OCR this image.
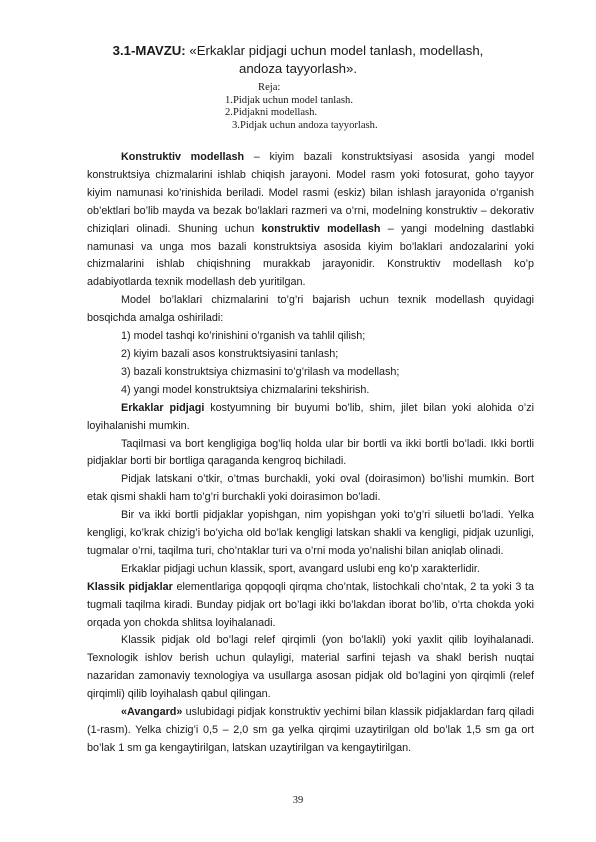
3.1-MAVZU: «Erkaklar pidjagi uchun model tanlash, modellash,
andoza tayyorlash».
Reja:
1.Pidjak uchun model tanlash.
2.Pidjakni modellash.
3.Pidjak uchun andoza tayyorlash.

Konstruktiv modellash – kiyim bazali konstruktsiyasi asosida yangi model konstruktsiya chizmalarini ishlab chiqish jarayoni. Model rasm yoki fotosurat, goho tayyor kiyim namunasi ko’rinishida beriladi. Model rasmi (eskiz) bilan ishlash jarayonida o’rganish ob’ektlari bo’lib mayda va bezak bo’laklari razmeri va o’rni, modelning konstruktiv – dekorativ chiziqlari olinadi. Shuning uchun konstruktiv modellash – yangi modelning dastlabki namunasi va unga mos bazali konstruktsiya asosida kiyim bo’laklari andozalarini yoki chizmalarini ishlab chiqishning murakkab jarayonidir. Konstruktiv modellash ko’p adabiyotlarda texnik modellash deb yuritilgan.

Model bo’laklari chizmalarini to’g’ri bajarish uchun texnik modellash quyidagi bosqichda amalga oshiriladi:

1) model tashqi ko’rinishini o’rganish va tahlil qilish;

2) kiyim bazali asos konstruktsiyasini tanlash;

3) bazali konstruktsiya chizmasini to’g’rilash va modellash;

4) yangi model konstruktsiya chizmalarini tekshirish.

Erkaklar pidjagi kostyumning bir buyumi bo’lib, shim, jilet bilan yoki alohida o’zi loyihalanishi mumkin.

Taqilmasi va bort kengligiga bog’liq holda ular bir bortli va ikki bortli bo’ladi. Ikki bortli pidjaklar borti bir bortliga qaraganda kengroq bichiladi.

Pidjak latskani o’tkir, o’tmas burchakli, yoki oval (doirasimon) bo’lishi mumkin. Bort etak qismi shakli ham to’g’ri burchakli yoki doirasimon bo’ladi.

Bir va ikki bortli pidjaklar yopishgan, nim yopishgan yoki to’g’ri siluetli bo’ladi. Yelka kengligi, ko’krak chizig’i bo’yicha old bo’lak kengligi latskan shakli va kengligi, pidjak uzunligi, tugmalar o’rni, taqilma turi, cho’ntaklar turi va o’rni moda yo’nalishi bilan aniqlab olinadi.

Erkaklar pidjagi uchun klassik, sport, avangard uslubi eng ko’p xarakterlidir.

Klassik pidjaklar elementlariga qopqoqli qirqma cho’ntak, listochkali cho’ntak, 2 ta yoki 3 ta tugmali taqilma kiradi. Bunday pidjak ort bo’lagi ikki bo’lakdan iborat bo’lib, o’rta chokda yoki orqada yon chokda shlitsa loyihalanadi.

Klassik pidjak old bo’lagi relef qirqimli (yon bo’lakli) yoki yaxlit qilib loyihalanadi. Texnologik ishlov berish uchun qulayligi, material sarfini tejash va shakl berish nuqtai nazaridan zamonaviy texnologiya va usullarga asosan pidjak old bo’lagini yon qirqimli (relef qirqimli) qilib loyihalash qabul qilingan.

«Avangard» uslubidagi pidjak konstruktiv yechimi bilan klassik pidjaklardan farq qiladi (1-rasm). Yelka chizig’i 0,5 – 2,0 sm ga yelka qirqimi uzaytirilgan old bo’lak 1,5 sm ga ort bo’lak 1 sm ga kengaytirilgan, latskan uzaytirilgan va kengaytirilgan.

39
